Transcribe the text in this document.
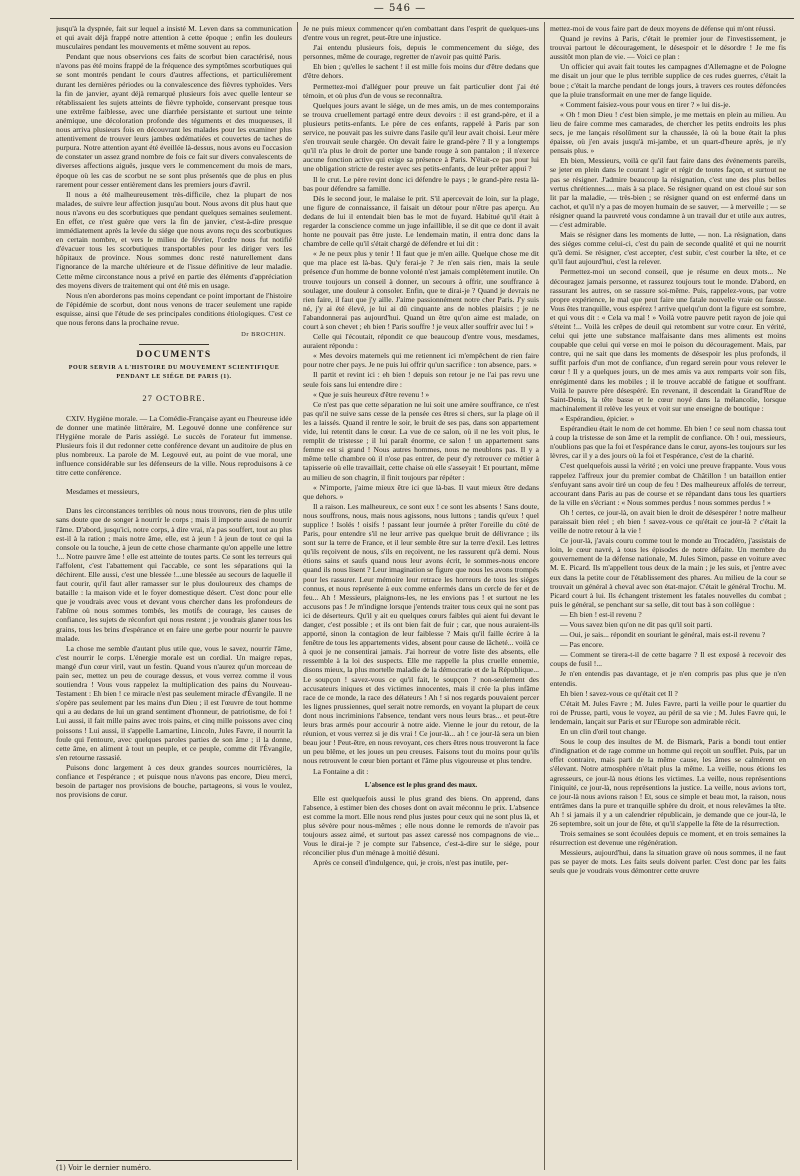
— 546 —

jusqu'à la dyspnée, fait sur lequel a insisté M. Leven dans sa communication et qui avait déjà frappé notre attention à cette époque ; enfin les douleurs musculaires pendant les mouvements et même souvent au repos.

Pendant que nous observions ces faits de scorbut bien caractérisé, nous n'avons pas été moins frappé de la fréquence des symptômes scorbutiques qui se sont montrés pendant le cours d'autres affections, et particulièrement durant les dernières périodes ou la convalescence des fièvres typhoïdes. Vers la fin de janvier, ayant déjà remarqué plusieurs fois avec quelle lenteur se rétablissaient les sujets atteints de fièvre typhoïde, conservant presque tous une extrême faiblesse, avec une diarrhée persistante et surtout une teinte anémique, une décoloration profonde des téguments et des muqueuses, il nous arriva plusieurs fois en découvrant les malades pour les examiner plus attentivement de trouver leurs jambes œdématiées et couvertes de taches de purpura. Notre attention ayant été éveillée là-dessus, nous avons eu l'occasion de constater un assez grand nombre de fois ce fait sur divers convalescents de diverses affections aiguës, jusque vers le commencement du mois de mars, époque où les cas de scorbut ne se sont plus présentés que de plus en plus rarement pour cesser entièrement dans les premiers jours d'avril.

Il nous a été malheureusement très-difficile, chez la plupart de nos malades, de suivre leur affection jusqu'au bout. Nous avons dit plus haut que nous n'avons eu des scorbutiques que pendant quelques semaines seulement. En effet, ce n'est guère que vers la fin de janvier, c'est-à-dire presque immédiatement après la levée du siége que nous avons reçu des scorbutiques en certain nombre, et vers le milieu de février, l'ordre nous fut notifié d'évacuer tous les scorbutiques transportables pour les diriger vers les hôpitaux de province. Nous sommes donc resté naturellement dans l'ignorance de la marche ultérieure et de l'issue définitive de leur maladie. Cette même circonstance nous a privé en partie des éléments d'appréciation des moyens divers de traitement qui ont été mis en usage.

Nous n'en aborderons pas moins cependant ce point important de l'histoire de l'épidémie de scorbut, dont nous venons de tracer seulement une rapide esquisse, ainsi que l'étude de ses principales conditions étiologiques. C'est ce que nous ferons dans la prochaine revue.

Dr BROCHIN.
DOCUMENTS
POUR SERVIR A L'HISTOIRE DU MOUVEMENT SCIENTIFIQUE
PENDANT LE SIÉGE DE PARIS (1).
27 OCTOBRE.

CXIV. Hygiène morale. — La Comédie-Française ayant eu l'heureuse idée de donner une matinée littéraire, M. Legouvé donne une conférence sur l'Hygiène morale de Paris assiégé. Le succès de l'orateur fut immense. Plusieurs fois il dut redonner cette conférence devant un auditoire de plus en plus nombreux. La parole de M. Legouvé eut, au point de vue moral, une influence considérable sur les défenseurs de la ville. Nous reproduisons à ce titre cette conférence.

Mesdames et messieurs,

Dans les circonstances terribles où nous nous trouvons, rien de plus utile sans doute que de songer à nourrir le corps ; mais il importe aussi de nourrir l'âme. D'abord, jusqu'ici, notre corps, à dire vrai, n'a pas souffert, tout au plus est-il à la ration ; mais notre âme, elle, est à jeun ! à jeun de tout ce qui la console ou la touche, à jeun de cette chose charmante qu'on appelle une lettre !... Notre pauvre âme ! elle est atteinte de toutes parts. Ce sont les terreurs qui l'affolent, c'est l'abattement qui l'accable, ce sont les séparations qui la déchirent. Elle aussi, c'est une blessée !...une blessée au secours de laquelle il faut courir, qu'il faut aller ramasser sur le plus douloureux des champs de bataille : la maison vide et le foyer domestique désert. C'est donc pour elle que je voudrais avec vous et devant vous chercher dans les profondeurs de l'abîme où nous sommes tombés, les motifs de courage, les causes de confiance, les sujets de réconfort qui nous restent ; je voudrais glaner tous les grains, tous les brins d'espérance et en faire une gerbe pour nourrir le pauvre malade.

La chose me semble d'autant plus utile que, vous le savez, nourrir l'âme, c'est nourrir le corps. L'énergie morale est un cordial. Un maigre repas, mangé d'un cœur viril, vaut un festin. Quand vous n'aurez qu'un morceau de pain sec, mettez un peu de courage dessus, et vous verrez comme il vous soutiendra ! Vous vous rappelez la multiplication des pains du Nouveau-Testament : Eh bien ! ce miracle n'est pas seulement miracle d'Évangile. Il ne s'opère pas seulement par les mains d'un Dieu ; il est l'œuvre de tout homme qui a au dedans de lui un grand sentiment d'honneur, de patriotisme, de foi ! Lui aussi, il fait mille pains avec trois pains, et cinq mille poissons avec cinq poissons ! Lui aussi, il s'appelle Lamartine, Lincoln, Jules Favre, il nourrit la foule qui l'entoure, avec quelques paroles parties de son âme ; il la donne, cette âme, en aliment à tout un peuple, et ce peuple, comme dit l'Évangile, s'en retourne rassasié.

Puisons donc largement à ces deux grandes sources nourricières, la confiance et l'espérance ; et puisque nous n'avons pas encore, Dieu merci, besoin de partager nos provisions de bouche, partageons, si vous le voulez, nos provisions de cœur.

(1) Voir le dernier numéro.

Je ne puis mieux commencer qu'en combattant dans l'esprit de quelques-uns d'entre vous un regret, peut-être une injustice.

J'ai entendu plusieurs fois, depuis le commencement du siége, des personnes, même de courage, regretter de n'avoir pas quitté Paris.

Eh bien ; qu'elles le sachent ! il est mille fois moins dur d'être dedans que d'être dehors.

Permettez-moi d'alléguer pour preuve un fait particulier dont j'ai été témoin, et où plus d'un de vous se reconnaîtra.

Quelques jours avant le siége, un de mes amis, un de mes contemporains se trouva cruellement partagé entre deux devoirs : il est grand-père, et il a plusieurs petits-enfants. Le père de ces enfants, rappelé à Paris par son service, ne pouvait pas les suivre dans l'asile qu'il leur avait choisi. Leur mère s'en trouvait seule chargée. On devait faire le grand-père ? Il y a longtemps qu'il n'a plus le droit de porter une bande rouge à son pantalon ; il n'exerce aucune fonction active qui exige sa présence à Paris. N'était-ce pas pour lui une obligation stricte de rester avec ses petits-enfants, de leur prêter appui ?

Il le crut. Le père revint donc ici défendre le pays ; le grand-père resta là-bas pour défendre sa famille.

Dès le second jour, le malaise le prit. S'il apercevait de loin, sur la plage, une figure de connaissance, il faisait un détour pour n'être pas aperçu. Au dedans de lui il entendait bien bas le mot de fuyard. Habitué qu'il était à regarder la conscience comme un juge infaillible, il se dit que ce dont il avait honte ne pouvait pas être juste. Le lendemain matin, il entra donc dans la chambre de celle qu'il s'était chargé de défendre et lui dit :

« Je ne peux plus y tenir ! Il faut que je m'en aille. Quelque chose me dit que ma place est là-bas. Qu'y ferai-je ? Je n'en sais rien, mais la seule présence d'un homme de bonne volonté n'est jamais complètement inutile. On trouve toujours un conseil à donner, un secours à offrir, une souffrance à soulager, une douleur à consoler. Enfin, que te dirai-je ? Quand je devrais ne rien faire, il faut que j'y aille. J'aime passionnément notre cher Paris. J'y suis né, j'y ai été élevé, je lui ai dû cinquante ans de nobles plaisirs ; je ne l'abandonnerai pas aujourd'hui. Quand un être qu'on aime est malade, on court à son chevet ; eh bien ! Paris souffre ! je veux aller souffrir avec lui ! »

Celle qui l'écoutait, répondit ce que beaucoup d'entre vous, mesdames, auraient répondu :

« Mes devoirs maternels qui me retiennent ici m'empêchent de rien faire pour notre cher pays. Je ne puis lui offrir qu'un sacrifice : ton absence, pars. »

Il partit et revint ici : eh bien ! depuis son retour je ne l'ai pas revu une seule fois sans lui entendre dire :

« Que je suis heureux d'être revenu ! »

Ce n'est pas que cette séparation ne lui soit une amère souffrance, ce n'est pas qu'il ne suive sans cesse de la pensée ces êtres si chers, sur la plage où il les a laissés. Quand il rentre le soir, le bruit de ses pas, dans son appartement vide, lui retentit dans le cœur. La vue de ce salon, où il ne les voit plus, le remplit de tristesse ; il lui paraît énorme, ce salon ! un appartement sans femme est si grand ! Nous autres hommes, nous ne meublons pas. Il y a même telle chambre où il n'ose pas entrer, de peur d'y retrouver ce métier à tapisserie où elle travaillait, cette chaise où elle s'asseyait ! Et pourtant, même au milieu de son chagrin, il finit toujours par répéter :

« N'importe, j'aime mieux être ici que là-bas. Il vaut mieux être dedans que dehors. »

Il a raison. Les malheureux, ce sont eux ! ce sont les absents ! Sans doute, nous souffrons, nous, mais nous agissons, nous luttons ; tandis qu'eux ! quel supplice ! Isolés ! oisifs ! passant leur journée à prêter l'oreille du côté de Paris, pour entendre s'il ne leur arrive pas quelque bruit de délivrance ; ils sont sur la terre de France, et il leur semble être sur la terre d'exil. Les lettres qu'ils reçoivent de nous, s'ils en reçoivent, ne les rassurent qu'à demi. Nous étions sains et saufs quand nous leur avons écrit, le sommes-nous encore quand ils nous lisent ? Leur imagination se figure que nous les avons trompés pour les rassurer. Leur mémoire leur retrace les horreurs de tous les siéges connus, et nous représente à eux comme enfermés dans un cercle de fer et de feu... Ah ! Messieurs, plaignons-les, ne les envions pas ! et surtout ne les accusons pas ! Je m'indigne lorsque j'entends traiter tous ceux qui ne sont pas ici de déserteurs. Qu'il y ait eu quelques cœurs faibles qui aient fui devant le danger, c'est possible ; et ils ont bien fait de fuir ; car, que nous auraient-ils apporté, sinon la contagion de leur faiblesse ? Mais qu'il faille écrire à la fenêtre de tous les appartements vides, absent pour cause de lâcheté... voilà ce à quoi je ne consentirai jamais. J'ai horreur de votre liste des absents, elle ressemble à la loi des suspects. Elle me rappelle la plus cruelle ennemie, disons mieux, la plus mortelle maladie de la démocratie et de la République... Le soupçon ! savez-vous ce qu'il fait, le soupçon ? non-seulement des accusateurs iniques et des victimes innocentes, mais il crée la plus infâme race de ce monde, la race des délateurs ! Ah ! si nos regards pouvaient percer les lignes prussiennes, quel serait notre remords, en voyant la plupart de ceux dont nous incriminions l'absence, tendant vers nous leurs bras... et peut-être leurs bras armés pour accourir à notre aide. Vienne le jour du retour, de la réunion, et vous verrez si je dis vrai ! Ce jour-là... ah ! ce jour-là sera un bien beau jour ! Peut-être, en nous revoyant, ces chers êtres nous trouveront la face un peu blême, et les joues un peu creuses. Faisons tout du moins pour qu'ils nous retrouvent le cœur bien portant et l'âme plus vigoureuse et plus tendre.

La Fontaine a dit :

L'absence est le plus grand des maux.

Elle est quelquefois aussi le plus grand des biens. On apprend, dans l'absence, à estimer bien des choses dont on avait méconnu le prix. L'absence est comme la mort. Elle nous rend plus justes pour ceux qui ne sont plus là, et plus sévère pour nous-mêmes ; elle nous donne le remords de n'avoir pas toujours assez aimé, et surtout pas assez caressé nos compagnons de vie... Vous le dirai-je ? je compte sur l'absence, c'est-à-dire sur le siége, pour réconcilier plus d'un ménage à moitié désuni.

Après ce conseil d'indulgence, qui, je crois, n'est pas inutile, per-

mettez-moi de vous faire part de deux moyens de défense qui m'ont réussi.

Quand je revins à Paris, c'était le premier jour de l'investissement, je trouvai partout le découragement, le désespoir et le désordre ! Je me fis aussitôt mon plan de vie. — Voici ce plan :

Un officier qui avait fait toutes les campagnes d'Allemagne et de Pologne me disait un jour que le plus terrible supplice de ces rudes guerres, c'était la boue ; c'était la marche pendant de longs jours, à travers ces routes défoncées que la pluie transformait en une mer de fange liquide.

« Comment faisiez-vous pour vous en tirer ? » lui dis-je.

« Oh ! mon Dieu ! c'est bien simple, je me mettais en plein au milieu. Au lieu de faire comme mes camarades, de chercher les petits endroits les plus secs, je me lançais résolûment sur la chaussée, là où la boue était la plus épaisse, où j'en avais jusqu'à mi-jambe, et un quart-d'heure après, je n'y pensais plus. »

Eh bien, Messieurs, voilà ce qu'il faut faire dans des événements pareils, se jeter en plein dans le courant ! agir et régir de toutes façon, et surtout ne pas se résigner. J'admire beaucoup la résignation, c'est une des plus belles vertus chrétiennes..... mais à sa place. Se résigner quand on est cloué sur son lit par la maladie, — très-bien ; se résigner quand on est enfermé dans un cachot, et qu'il n'y a pas de moyen humain de se sauver, — à merveille ; — se résigner quand la pauvreté vous condamne à un travail dur et utile aux autres, — c'est admirable.

Mais se résigner dans les moments de lutte, — non. La résignation, dans des siéges comme celui-ci, c'est du pain de seconde qualité et qui ne nourrit qu'à demi. Se résigner, c'est accepter, c'est subir, c'est courber la tête, et ce qu'il faut aujourd'hui, c'est la relever.

Permettez-moi un second conseil, que je résume en deux mots... Ne découragez jamais personne, et rassurez toujours tout le monde. D'abord, en rassurant les autres, on se rassure soi-même. Puis, rappelez-vous, par votre propre expérience, le mal que peut faire une fatale nouvelle vraie ou fausse. Vous êtes tranquille, vous espérez ! arrive quelqu'un dont la figure est sombre, et qui vous dit : « Cela va mal ! » Voilà votre pauvre petit rayon de joie qui s'éteint !... Voilà les crêpes de deuil qui retombent sur votre cœur. En vérité, celui qui jette une substance malfaisante dans mes aliments est moins coupable que celui qui verse en moi le poison du découragement. Mais, par contre, qui ne sait que dans les moments de désespoir les plus profonds, il suffit parfois d'un mot de confiance, d'un regard serein pour vous relever le cœur ! Il y a quelques jours, un de mes amis va aux remparts voir son fils, enrégimenté dans les mobiles ; il le trouve accablé de fatigue et souffrant. Voilà le pauvre père désespéré. En revenant, il descendait la Grand'Rue de Saint-Denis, la tête basse et le cœur noyé dans la mélancolie, lorsque machinalement il relève les yeux et voit sur une enseigne de boutique :

« Espérandieu, épicier. »

Espérandieu était le nom de cet homme. Eh bien ! ce seul nom chassa tout à coup la tristesse de son âme et la remplit de confiance. Oh ! oui, messieurs, n'oublions pas que la foi et l'espérance dans le cœur, ayons-les toujours sur les lèvres, car il y a des jours où la foi et l'espérance, c'est de la charité.

C'est quelquefois aussi la vérité ; en voici une preuve frappante. Vous vous rappelez l'affreux jour du premier combat de Châtillon ! un bataillon entier s'enfuyant sans avoir tiré un coup de feu ! Des malheureux affolés de terreur, accourant dans Paris au pas de course et se répandant dans tous les quartiers de la ville en s'écriant : « Nous sommes perdus ! nous sommes perdus ! »

Oh ! certes, ce jour-là, on avait bien le droit de désespérer ! notre malheur paraissait bien réel ; eh bien ! savez-vous ce qu'était ce jour-là ? c'était la veille de notre retour à la vie !

Ce jour-là, j'avais couru comme tout le monde au Trocadéro, j'assistais de loin, le cœur navré, à tous les épisodes de notre défaite. Un membre du gouvernement de la défense nationale, M. Jules Simon, passe en voiture avec M. E. Picard. Ils m'appellent tous deux de la main ; je les suis, et j'entre avec eux dans la petite cour de l'établissement des phares. Au milieu de la cour se trouvait un général à cheval avec son état-major. C'était le général Trochu. M. Picard court à lui. Ils échangent tristement les fatales nouvelles du combat ; puis le général, se penchant sur sa selle, dit tout bas à son collègue :

— Eh bien ! est-il revenu ?

— Vous savez bien qu'on ne dit pas qu'il soit parti.

— Oui, je sais... répondit en souriant le général, mais est-il revenu ?

— Pas encore.

— Comment se tirera-t-il de cette bagarre ? Il est exposé à recevoir des coups de fusil !...

Je n'en entendis pas davantage, et je n'en compris pas plus que je n'en entendis.

Eh bien ! savez-vous ce qu'était cet Il ?

C'était M. Jules Favre ; M. Jules Favre, parti la veille pour le quartier du roi de Prusse, parti, vous le voyez, au péril de sa vie ; M. Jules Favre qui, le lendemain, lançait sur Paris et sur l'Europe son admirable récit.

En un clin d'œil tout change.

Sous le coup des insultes de M. de Bismark, Paris a bondi tout entier d'indignation et de rage comme un homme qui reçoit un soufflet. Puis, par un effet contraire, mais parti de la même cause, les âmes se calmèrent en s'élevant. Notre atmosphère n'était plus la même. La veille, nous étions les agresseurs, ce jour-là nous étions les victimes. La veille, nous représentions l'iniquité, ce jour-là, nous représentions la justice. La veille, nous avions tort, ce jour-là nous avions raison ! Et, sous ce simple et beau mot, la raison, nous entrâmes dans la pure et tranquille sphère du droit, et nous relevâmes la tête. Ah ! si jamais il y a un calendrier républicain, je demande que ce jour-là, le 26 septembre, soit un jour de fête, et qu'il s'appelle la fête de la résurrection.

Trois semaines se sont écoulées depuis ce moment, et en trois semaines la résurrection est devenue une régénération.

Messieurs, aujourd'hui, dans la situation grave où nous sommes, il ne faut pas se payer de mots. Les faits seuls doivent parler. C'est donc par les faits seuls que je voudrais vous démontrer cette œuvre
